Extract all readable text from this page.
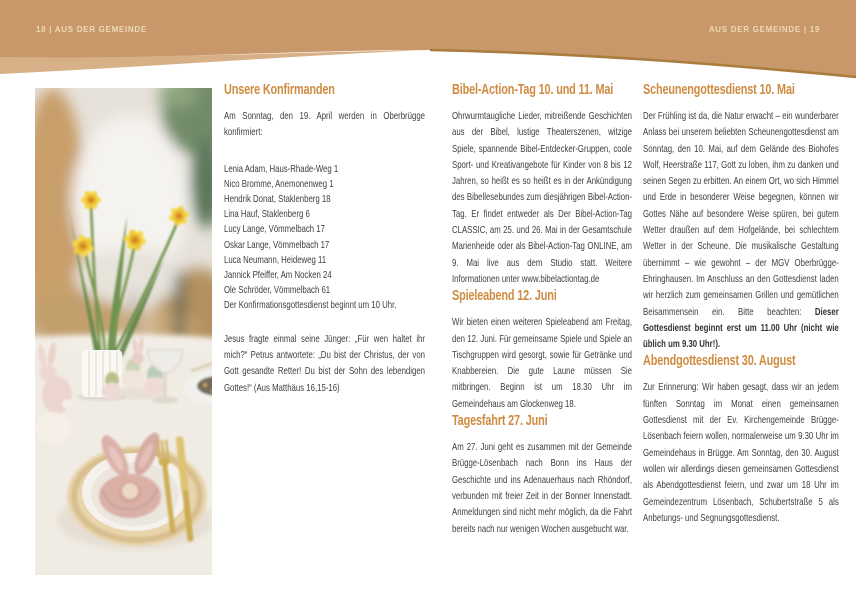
18 | AUS DER GEMEINDE	AUS DER GEMEINDE | 19
Unsere Konfirmanden

Am Sonntag, den 19. April werden in Oberbrügge konfirmiert:

Lenia Adam, Haus-Rhade-Weg 1
Nico Bromme, Anemonenweg 1
Hendrik Donat, Staklenberg 18
Lina Hauf, Staklenberg 6
Lucy Lange, Vömmelbach 17
Oskar Lange, Vömmelbach 17
Luca Neumann, Heideweg 11
Jannick Pfeiffer, Am Nocken 24
Ole Schröder, Vömmelbach 61
Der Konfirmationsgottesdienst beginnt um 10 Uhr.

Jesus fragte einmal seine Jünger: „Für wen haltet ihr mich?“ Petrus antwortete: „Du bist der Christus, der von Gott gesandte Retter! Du bist der Sohn des lebendigen Gottes!“ (Aus Matthäus 16,15-16)

Bibel-Action-Tag 10. und 11. Mai

Ohrwurmtaugliche Lieder, mitreißende Geschichten aus der Bibel, lustige Theaterszenen, witzige Spiele, spannende Bibel-Entdecker-Gruppen, coole Sport- und Kreativangebote für Kinder von 8 bis 12 Jahren, so heißt es so heißt es in der Ankündigung des Bibellesebundes zum diesjährigen Bibel-Action-Tag. Er findet entweder als Der Bibel-Action-Tag CLASSIC, am 25. und 26. Mai in der Gesamtschule Marienheide oder als Bibel-Action-Tag ONLINE, am 9. Mai live aus dem Studio statt. Weitere Informationen unter www.bibelactiontag.de

Spieleabend 12. Juni

Wir bieten einen weiteren Spieleabend am Freitag, den 12. Juni. Für gemeinsame Spiele und Spiele an Tischgruppen wird gesorgt, sowie für Getränke und Knabbereien. Die gute Laune müssen Sie mitbringen. Beginn ist um 18.30 Uhr im Gemeindehaus am Glockenweg 18.

Tagesfahrt 27. Juni

Am 27. Juni geht es zusammen mit der Gemeinde Brügge-Lösenbach nach Bonn ins Haus der Geschichte und ins Adenauerhaus nach Rhöndorf, verbunden mit freier Zeit in der Bonner Innenstadt. Anmeldungen sind nicht mehr möglich, da die Fahrt bereits nach nur wenigen Wochen ausgebucht war.

Scheunengottesdienst 10. Mai

Der Frühling ist da, die Natur erwacht – ein wunderbarer Anlass bei unserem beliebten Scheunengottesdienst am Sonntag, den 10. Mai, auf dem Gelände des Biohofes Wolf, Heerstraße 117, Gott zu loben, ihm zu danken und seinen Segen zu erbitten. An einem Ort, wo sich Himmel und Erde in besonderer Weise begegnen, können wir Gottes Nähe auf besondere Weise spüren, bei gutem Wetter draußen auf dem Hofgelände, bei schlechtem Wetter in der Scheune. Die musikalische Gestaltung übernimmt – wie gewohnt – der MGV Oberbrügge-Ehringhausen. Im Anschluss an den Gottesdienst laden wir herzlich zum gemeinsamen Grillen und gemütlichen Beisammensein ein. Bitte beachten: Dieser Gottesdienst beginnt erst um 11.00 Uhr (nicht wie üblich um 9.30 Uhr!).

Abendgottesdienst 30. August

Zur Erinnerung: Wir haben gesagt, dass wir an jedem fünften Sonntag im Monat einen gemeinsamen Gottesdienst mit der Ev. Kirchengemeinde Brügge-Lösenbach feiern wollen, normalerweise um 9.30 Uhr im Gemeindehaus in Brügge. Am Sonntag, den 30. August wollen wir allerdings diesen gemeinsamen Gottesdienst als Abendgottesdienst feiern, und zwar um 18 Uhr im Gemeindezentrum Lösenbach, Schubertstraße 5 als Anbetungs- und Segnungsgottesdienst.
